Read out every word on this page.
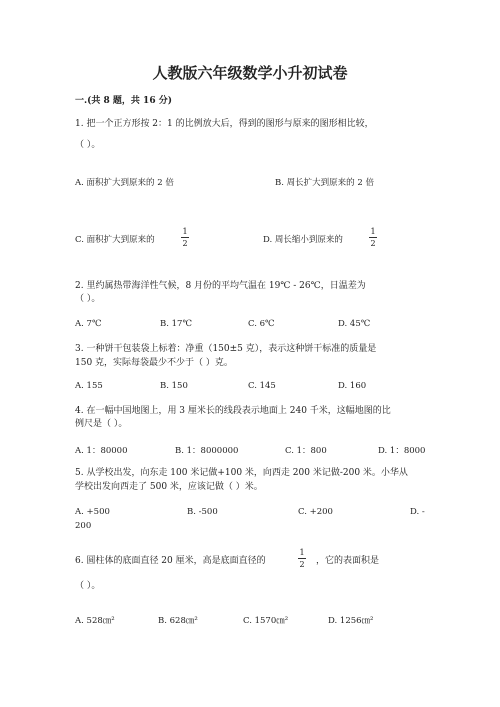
人教版六年级数学小升初试卷
一.(共 8 题，共 16 分)
1. 把一个正方形按 2：1 的比例放大后，得到的图形与原来的图形相比较，
（ ）。
A. 面积扩大到原来的 2 倍	B. 周长扩大到原来的 2 倍
C. 面积扩大到原来的
1
2	D. 周长缩小到原来的
1
2
2. 里约属热带海洋性气候，8 月份的平均气温在 19℃ - 26℃，日温差为
（ ）。
A. 7℃	B. 17℃	C. 6℃	D. 45℃
3. 一种饼干包装袋上标着：净重（150±5 克），表示这种饼干标准的质量是
150 克，实际每袋最少不少于（ ）克。
A. 155	B. 150	C. 145	D. 160
4. 在一幅中国地图上，用 3 厘米长的线段表示地面上 240 千米，这幅地图的比
例尺是（ ）。
A. 1：80000	B. 1：8000000	C. 1：800	D. 1：8000
5. 从学校出发，向东走 100 米记做+100 米，向西走 200 米记做-200 米。小华从
学校出发向西走了 500 米，应该记做（ ）米。
A. +500	B. -500	C. +200	D. -
200
6. 圆柱体的底面直径 20 厘米，高是底面直径的
1
2 ，它的表面积是
（ ）。
A. 528㎝²	B. 628㎝²	C. 1570㎝²	D. 1256㎝²
